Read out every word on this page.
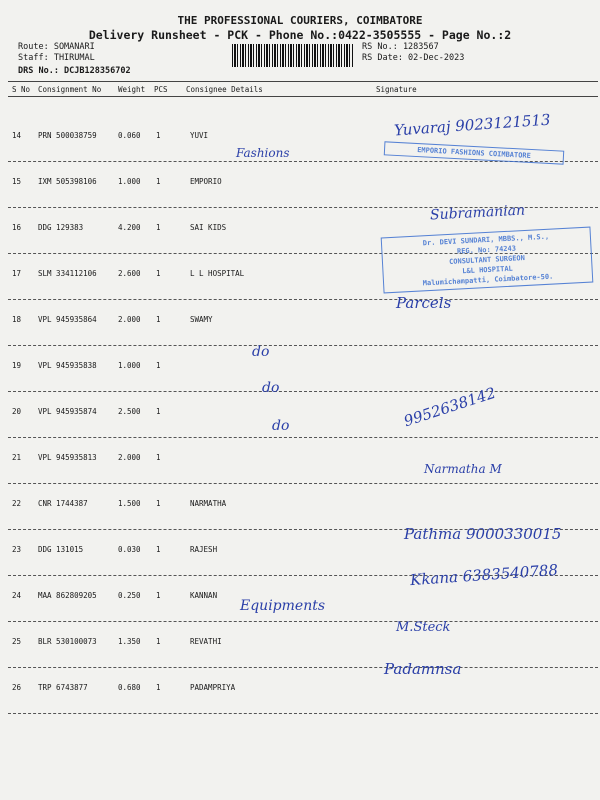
THE PROFESSIONAL COURIERS, COIMBATORE
Delivery Runsheet - PCK - Phone No.:0422-3505555 - Page No.:2
Route: SOMANARI
Staff: THIRUMAL
DRS No.: DCJB128356702
RS No.: 1283567
RS Date: 02-Dec-2023
S No Consignment No Weight PCS Consignee Details	Signature
14 PRN 500038759	0.060 1	YUVI
15 IXM 505398106	1.000 1	EMPORIO
16 DDG 129383	4.200 1	SAI KIDS
17 SLM 334112106	2.600 1	L L HOSPITAL
18 VPL 945935864	2.000 1	SWAMY
19 VPL 945935838	1.000 1
20 VPL 945935874	2.500 1
21 VPL 945935813	2.000 1
22 CNR 1744387	1.500 1	NARMATHA
23 DDG 131015	0.030 1	RAJESH
24 MAA 862809205	0.250 1	KANNAN
25 BLR 530100073	1.350 1	REVATHI
26 TRP 6743877	0.680 1	PADAMPRIYA
EMPORIO FASHIONS COIMBATORE
Dr. DEVI SUNDARI, MBBS., M.S.,
REG. No: 74243
CONSULTANT SURGEON
L&L HOSPITAL
Malumichampatti, Coimbatore-50.
Yuvaraj 9023121513
Fashions
Subramanian
Parcels
do
do
do	9952638142
Narmatha M
Pathma 9000330015
Kkana 6383540788
Equipments
M.Steck
Padamnsa
